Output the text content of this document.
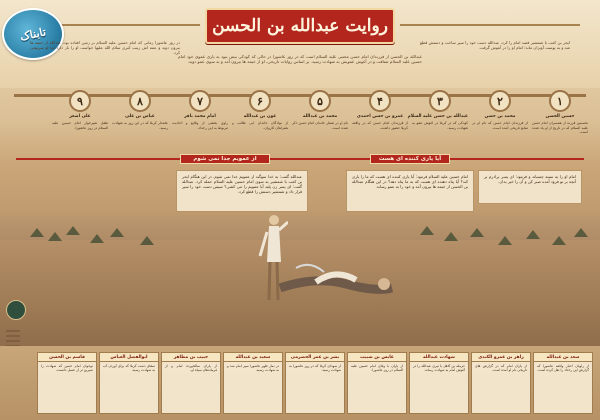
روایت عبدالله بن الحسن
تابناک
در روز عاشورا زمانی که امام حسین علیه السلام بر زمین افتاده بود، عبدالله از خیمه ها بیرون دوید و عمه اش زینب کبری سلام الله علیها خواست او را باز دارد اما او سرپیچی کرد.
عبدالله بن الحسن از فرزندان امام حسن مجتبی علیه السلام است که در روز عاشورا در حالی که کودکی بیش نبود به یاری عموی خود امام حسین علیه السلام شتافت و در آغوش عمویش به شهادت رسید. بر اساس روایات تاریخی، او از خیمه ها بیرون آمد و به سوی عمو دوید.
ابجر بن کعب با شمشیر قصد امام را کرد، عبدالله دست خود را سپر ساخت و دستش قطع شد و به پوست آویزان ماند؛ امام او را در آغوش گرفت.
۱
حسین الحسن
نخستین فرزند از همسران امام حسن علیه السلام که در تاریخ از او یاد شده است.
۲
محمد بن حسن
از فرزندان امام حسن که نام او در منابع تاریخی آمده است.
۳
عبدالله بن حسن علیه السلام
کودکی که در کربلا در آغوش عمو به شهادت رسید.
۴
عمرو بن حسن احمدی
از فرزندان امام حسن که در واقعه کربلا حضور داشت.
۵
محمد بن عبدالله
نام او در شمار خاندان امام حسن ذکر شده است.
۶
عون بن عبدالله
از نوادگان خاندان ابی طالب و همراهان کاروان.
۷
امام محمد باقر
راوی بخشی از وقایع و احادیث مربوط به این رخداد.
۸
عباس بن علی
علمدار کربلا که در این روز به شهادت رسید.
۹
علی اصغر
طفل شیرخوار امام حسین علیه السلام در روز عاشورا.
از عمویم جدا نمی شوم	آیا یاری کننده ای هست
عبدالله گفت: به خدا سوگند از عمویم جدا نمی شوم. در این هنگام ابجر بن کعب با شمشیر به سوی امام حسین علیه السلام حمله کرد. عبدالله گفت: ای پسر زن پلید آیا عمویم را می کشی؟ سپس دست خود را سپر قرار داد و شمشیر دستش را قطع کرد.
امام حسین علیه السلام فرمود: آیا یاری کننده ای هست که ما را یاری کند؟ آیا پناه دهنده ای هست که به ما پناه دهد؟ در این هنگام عبدالله بن الحسن از خیمه ها بیرون آمد و خود را به عمو رساند.
امام او را به سینه چسباند و فرمود: ای پسر برادرم بر آنچه بر تو فرود آمده صبر کن و آن را خیر بدان.
سعد بن عبدالله
از راویان اخبار واقعه عاشورا که گزارش این رخداد را نقل کرده است.
زاهر بن عمرو الکندی
از یاران امام که در گزارش های تاریخی نام او آمده است.
شهادت عبدالله
حرمله بن کاهل با تیری عبدالله را در آغوش امام به شهادت رساند.
عابس بن شبیب
از یاران با وفای امام حسین علیه السلام در روز عاشورا.
بشر بن عمر الحضرمی
از شهدای کربلا که در روز عاشورا به شهادت رسید.
سعید بن عبدالله
در نماز ظهر عاشورا سپر امام شد و به شهادت رسید.
حبیب بن مظاهر
از یاران سالخورده امام و از فرماندهان سپاه او.
ابوالفضل العباس
سقای دشت کربلا که برای آوردن آب به شهادت رسید.
قاسم بن الحسن
نوجوان امام حسن که شهادت را شیرین تر از عسل دانست.
